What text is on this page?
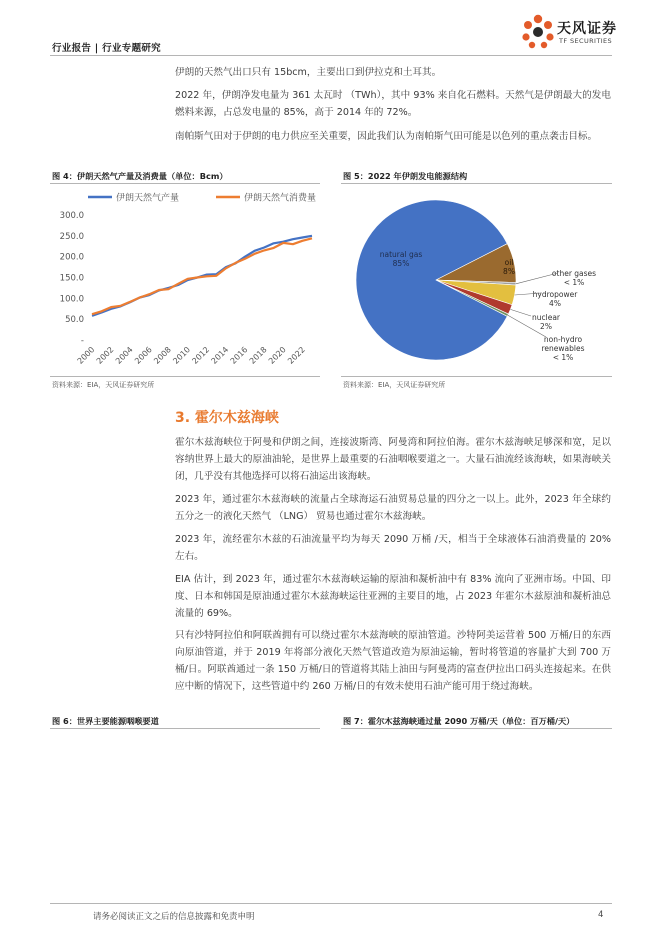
行业报告 | 行业专题研究
天风证券
TF SECURITIES

伊朗的天然气出口只有 15bcm，主要出口到伊拉克和土耳其。

2022 年，伊朗净发电量为 361 太瓦时 （TWh），其中 93% 来自化石燃料。天然气是伊朗最大的发电燃料来源，占总发电量的 85%，高于 2014 年的 72%。

南帕斯气田对于伊朗的电力供应至关重要，因此我们认为南帕斯气田可能是以色列的重点袭击目标。

图 4：伊朗天然气产量及消费量（单位：Bcm）
伊朗天然气产量	伊朗天然气消费量
-
50.0
100.0
150.0
200.0
250.0
300.0
2000
2002
2004
2006
2008
2010
2012
2014
2016
2018
2020
2022
资料来源：EIA，天风证券研究所
图 5：2022 年伊朗发电能源结构
natural gas 85%	oil 8%	other gases < 1%
hydropower 4%
nuclear 2%
non-hydro renewables < 1%
资料来源：EIA，天风证券研究所
3. 霍尔木兹海峡

霍尔木兹海峡位于阿曼和伊朗之间，连接波斯湾、阿曼湾和阿拉伯海。霍尔木兹海峡足够深和宽，足以容纳世界上最大的原油油轮，是世界上最重要的石油咽喉要道之一。大量石油流经该海峡，如果海峡关闭，几乎没有其他选择可以将石油运出该海峡。

2023 年，通过霍尔木兹海峡的流量占全球海运石油贸易总量的四分之一以上。此外，2023 年全球约五分之一的液化天然气 （LNG） 贸易也通过霍尔木兹海峡。

2023 年，流经霍尔木兹的石油流量平均为每天 2090 万桶 /天，相当于全球液体石油消费量的 20% 左右。

EIA 估计，到 2023 年，通过霍尔木兹海峡运输的原油和凝析油中有 83% 流向了亚洲市场。中国、印度、日本和韩国是原油通过霍尔木兹海峡运往亚洲的主要目的地，占 2023 年霍尔木兹原油和凝析油总流量的 69%。

只有沙特阿拉伯和阿联酋拥有可以绕过霍尔木兹海峡的原油管道。沙特阿美运营着 500 万桶/日的东西向原油管道，并于 2019 年将部分液化天然气管道改造为原油运输，暂时将管道的容量扩大到 700 万桶/日。阿联酋通过一条 150 万桶/日的管道将其陆上油田与阿曼湾的富查伊拉出口码头连接起来。在供应中断的情况下，这些管道中约 260 万桶/日的有效未使用石油产能可用于绕过海峡。

图 6：世界主要能源咽喉要道	图 7：霍尔木兹海峡通过量 2090 万桶/天（单位：百万桶/天）
请务必阅读正文之后的信息披露和免责申明	4
